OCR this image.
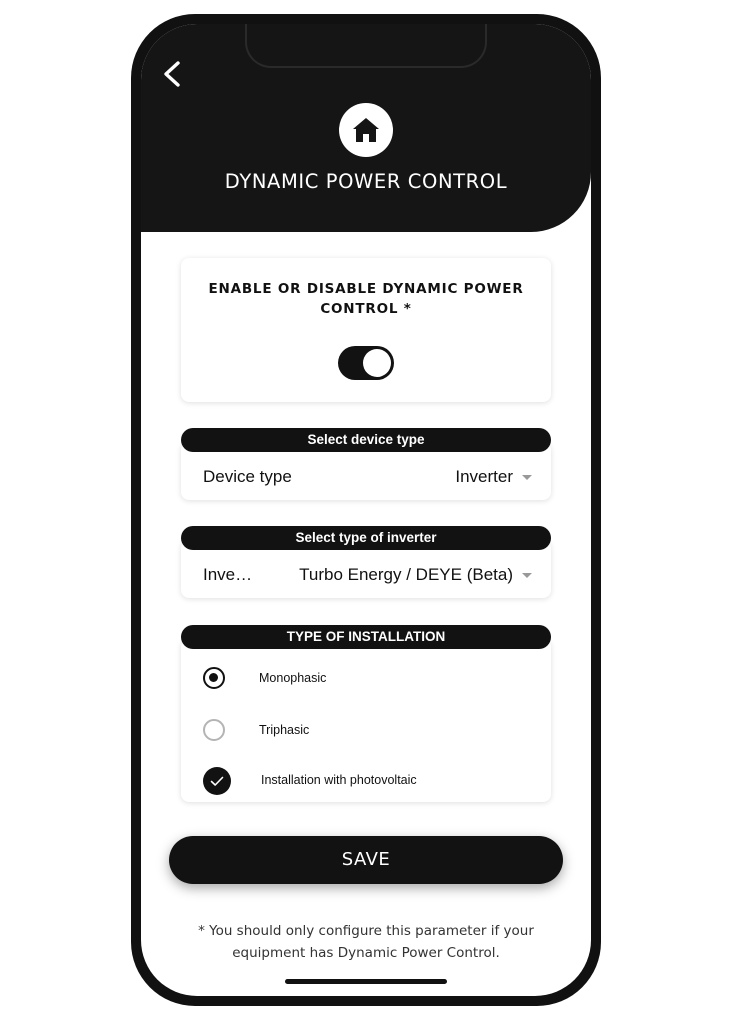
DYNAMIC POWER CONTROL
ENABLE OR DISABLE DYNAMIC POWER CONTROL *
Select device type
Device type	Inverter
Select type of inverter
Inve…	Turbo Energy / DEYE (Beta)
TYPE OF INSTALLATION
Monophasic
Triphasic
Installation with photovoltaic
SAVE
* You should only configure this parameter if your equipment has Dynamic Power Control.
